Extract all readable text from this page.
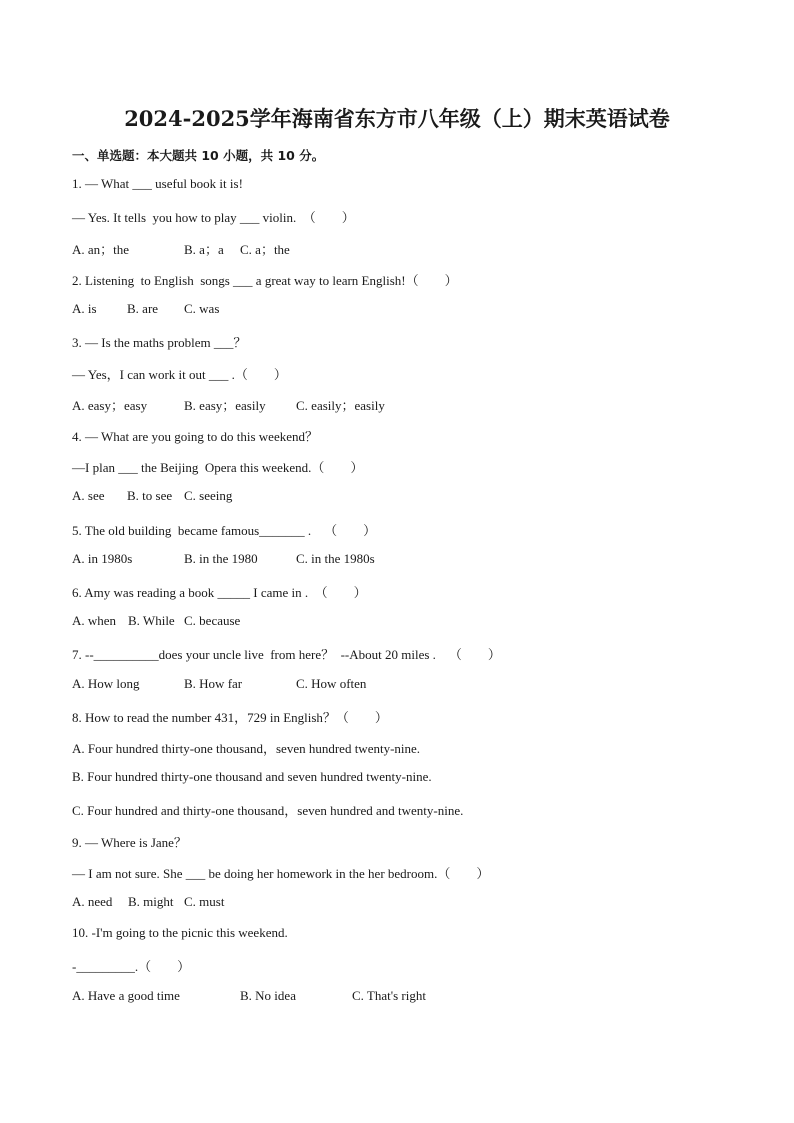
2024-2025学年海南省东方市八年级（上）期末英语试卷
一、单选题：本大题共 10 小题，共 10 分。
1. — What ___ useful book it is!
— Yes. It tells  you how to play ___ violin.  （        ）
A. an；the	B. a；a C. a；the
2. Listening  to English  songs ___ a great way to learn English!（        ）
A. is B. are C. was
3. — Is the maths problem ___？
— Yes，I can work it out ___ .（        ）
A. easy；easy	B. easy；easily C. easily；easily
4. — What are you going to do this weekend？
—I plan ___ the Beijing  Opera this weekend.（        ）
A. see B. to see C. seeing
5. The old building  became famous_______ .    （        ）
A. in 1980s	B. in the 1980	C. in the 1980s
6. Amy was reading a book _____ I came in .  （        ）
A. when B. While C. because
7. --__________does your uncle live  from here？  --About 20 miles .    （        ）
A. How long	B. How far	C. How often
8. How to read the number 431，729 in English？（        ）
A. Four hundred thirty-one thousand，seven hundred twenty-nine.
B. Four hundred thirty-one thousand and seven hundred twenty-nine.
C. Four hundred and thirty-one thousand，seven hundred and twenty-nine.
9. — Where is Jane？
— I am not sure. She ___ be doing her homework in the her bedroom.（        ）
A. need B. might C. must
10. -I'm going to the picnic this weekend.
-_________.（        ）
A. Have a good time	B. No idea	C. That's right
